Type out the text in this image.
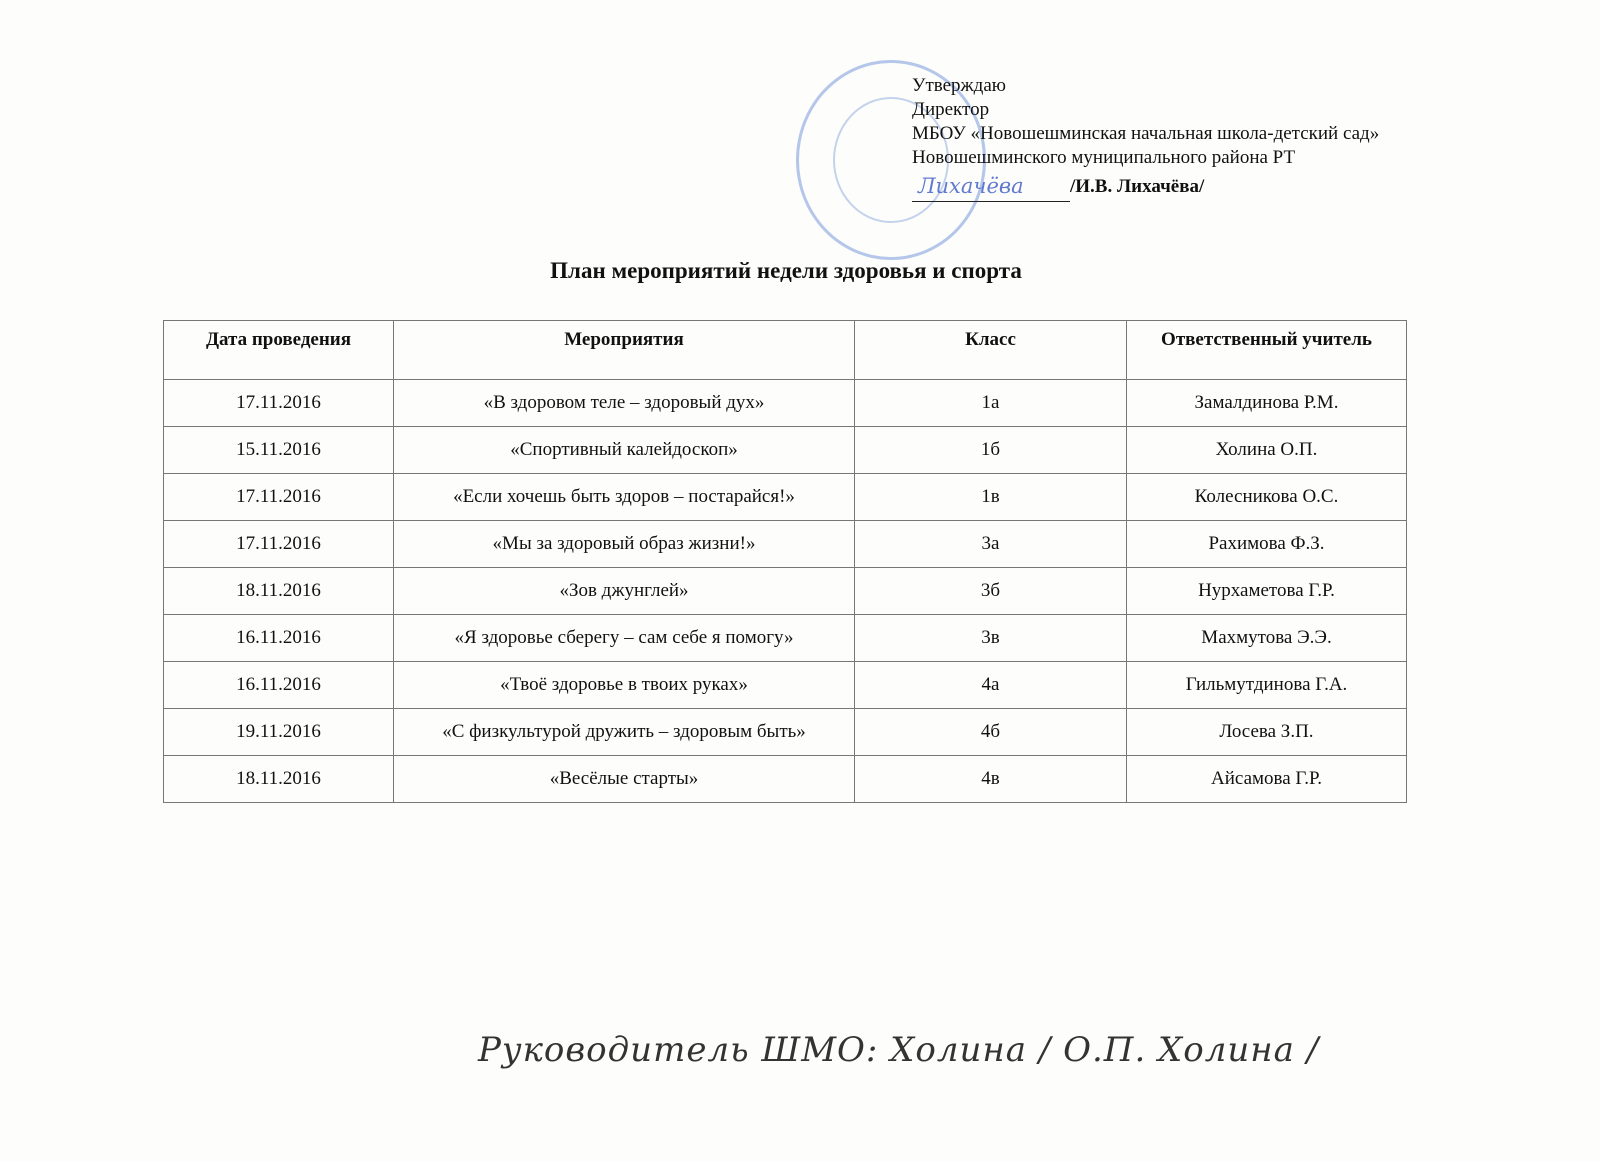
Утверждаю
Директор
МБОУ «Новошешминская начальная школа-детский сад»
Новошешминского муниципального района РТ
Лихачёва /И.В. Лихачёва/
План мероприятий недели здоровья и спорта
Дата проведения	Мероприятия	Класс	Ответственный учитель
17.11.2016	«В здоровом теле – здоровый дух»	1а	Замалдинова Р.М.
15.11.2016	«Спортивный калейдоскоп»	1б	Холина О.П.
17.11.2016	«Если хочешь быть здоров – постарайся!»	1в	Колесникова О.С.
17.11.2016	«Мы за здоровый образ жизни!»	3а	Рахимова Ф.З.
18.11.2016	«Зов джунглей»	3б	Нурхаметова Г.Р.
16.11.2016	«Я здоровье сберегу – сам себе я помогу»	3в	Махмутова Э.Э.
16.11.2016	«Твоё здоровье в твоих руках»	4а	Гильмутдинова Г.А.
19.11.2016	«С физкультурой дружить – здоровым быть»	4б	Лосева З.П.
18.11.2016	«Весёлые старты»	4в	Айсамова Г.Р.
Руководитель ШМО: Холина / О.П. Холина /
